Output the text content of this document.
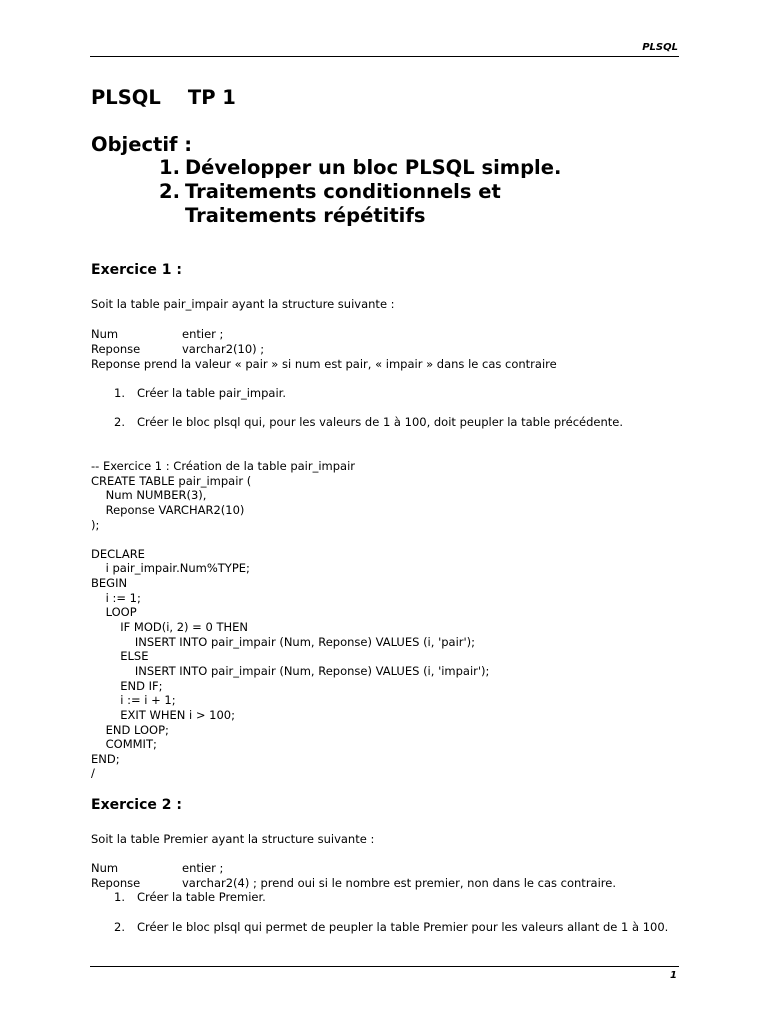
PLSQL
PLSQL TP 1
Objectif :
1. Développer un bloc PLSQL simple.
2. Traitements conditionnels et Traitements répétitifs
Exercice 1 :
Soit la table pair_impair ayant la structure suivante :
Num	entier ;
Reponse	varchar2(10) ;
Reponse prend la valeur « pair » si num est pair, « impair » dans le cas contraire
1. Créer la table pair_impair.
2. Créer le bloc plsql qui, pour les valeurs de 1 à 100, doit peupler la table précédente.
-- Exercice 1 : Création de la table pair_impair
CREATE TABLE pair_impair (
Num NUMBER(3),
Reponse VARCHAR2(10)
);
DECLARE
i pair_impair.Num%TYPE;
BEGIN
i := 1;
LOOP
IF MOD(i, 2) = 0 THEN
INSERT INTO pair_impair (Num, Reponse) VALUES (i, 'pair');
ELSE
INSERT INTO pair_impair (Num, Reponse) VALUES (i, 'impair');
END IF;
i := i + 1;
EXIT WHEN i > 100;
END LOOP;
COMMIT;
END;
/
Exercice 2 :
Soit la table Premier ayant la structure suivante :
Num	entier ;
Reponse	varchar2(4) ; prend oui si le nombre est premier, non dans le cas contraire.
1. Créer la table Premier.
2. Créer le bloc plsql qui permet de peupler la table Premier pour les valeurs allant de 1 à 100.
1
